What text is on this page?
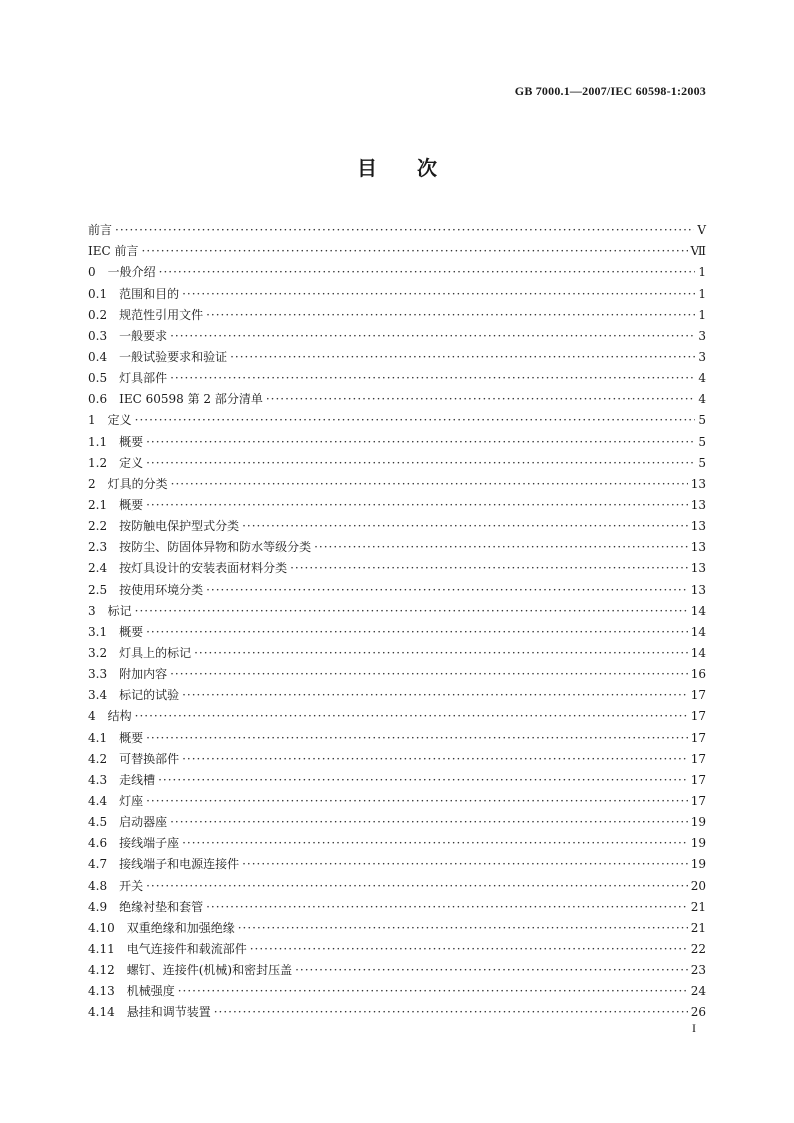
GB 7000.1—2007/IEC 60598-1:2003
目次
前言 ·····	V
IEC 前言 ·····	Ⅶ
0　一般介绍 ·····	1
0.1　范围和目的 ·····	1
0.2　规范性引用文件 ·····	1
0.3　一般要求 ·····	3
0.4　一般试验要求和验证 ·····	3
0.5　灯具部件 ·····	4
0.6　IEC 60598 第 2 部分清单 ·····	4
1　定义 ·····	5
1.1　概要 ·····	5
1.2　定义 ·····	5
2　灯具的分类 ·····	13
2.1　概要 ·····	13
2.2　按防触电保护型式分类 ·····	13
2.3　按防尘、防固体异物和防水等级分类 ·····	13
2.4　按灯具设计的安装表面材料分类 ·····	13
2.5　按使用环境分类 ·····	13
3　标记 ·····	14
3.1　概要 ·····	14
3.2　灯具上的标记 ·····	14
3.3　附加内容 ·····	16
3.4　标记的试验 ·····	17
4　结构 ·····	17
4.1　概要 ·····	17
4.2　可替换部件 ·····	17
4.3　走线槽 ·····	17
4.4　灯座 ·····	17
4.5　启动器座 ·····	19
4.6　接线端子座 ·····	19
4.7　接线端子和电源连接件 ·····	19
4.8　开关 ·····	20
4.9　绝缘衬垫和套管 ·····	21
4.10　双重绝缘和加强绝缘 ·····	21
4.11　电气连接件和载流部件 ·····	22
4.12　螺钉、连接件(机械)和密封压盖 ·····	23
4.13　机械强度 ·····	24
4.14　悬挂和调节装置 ·····	26
I
